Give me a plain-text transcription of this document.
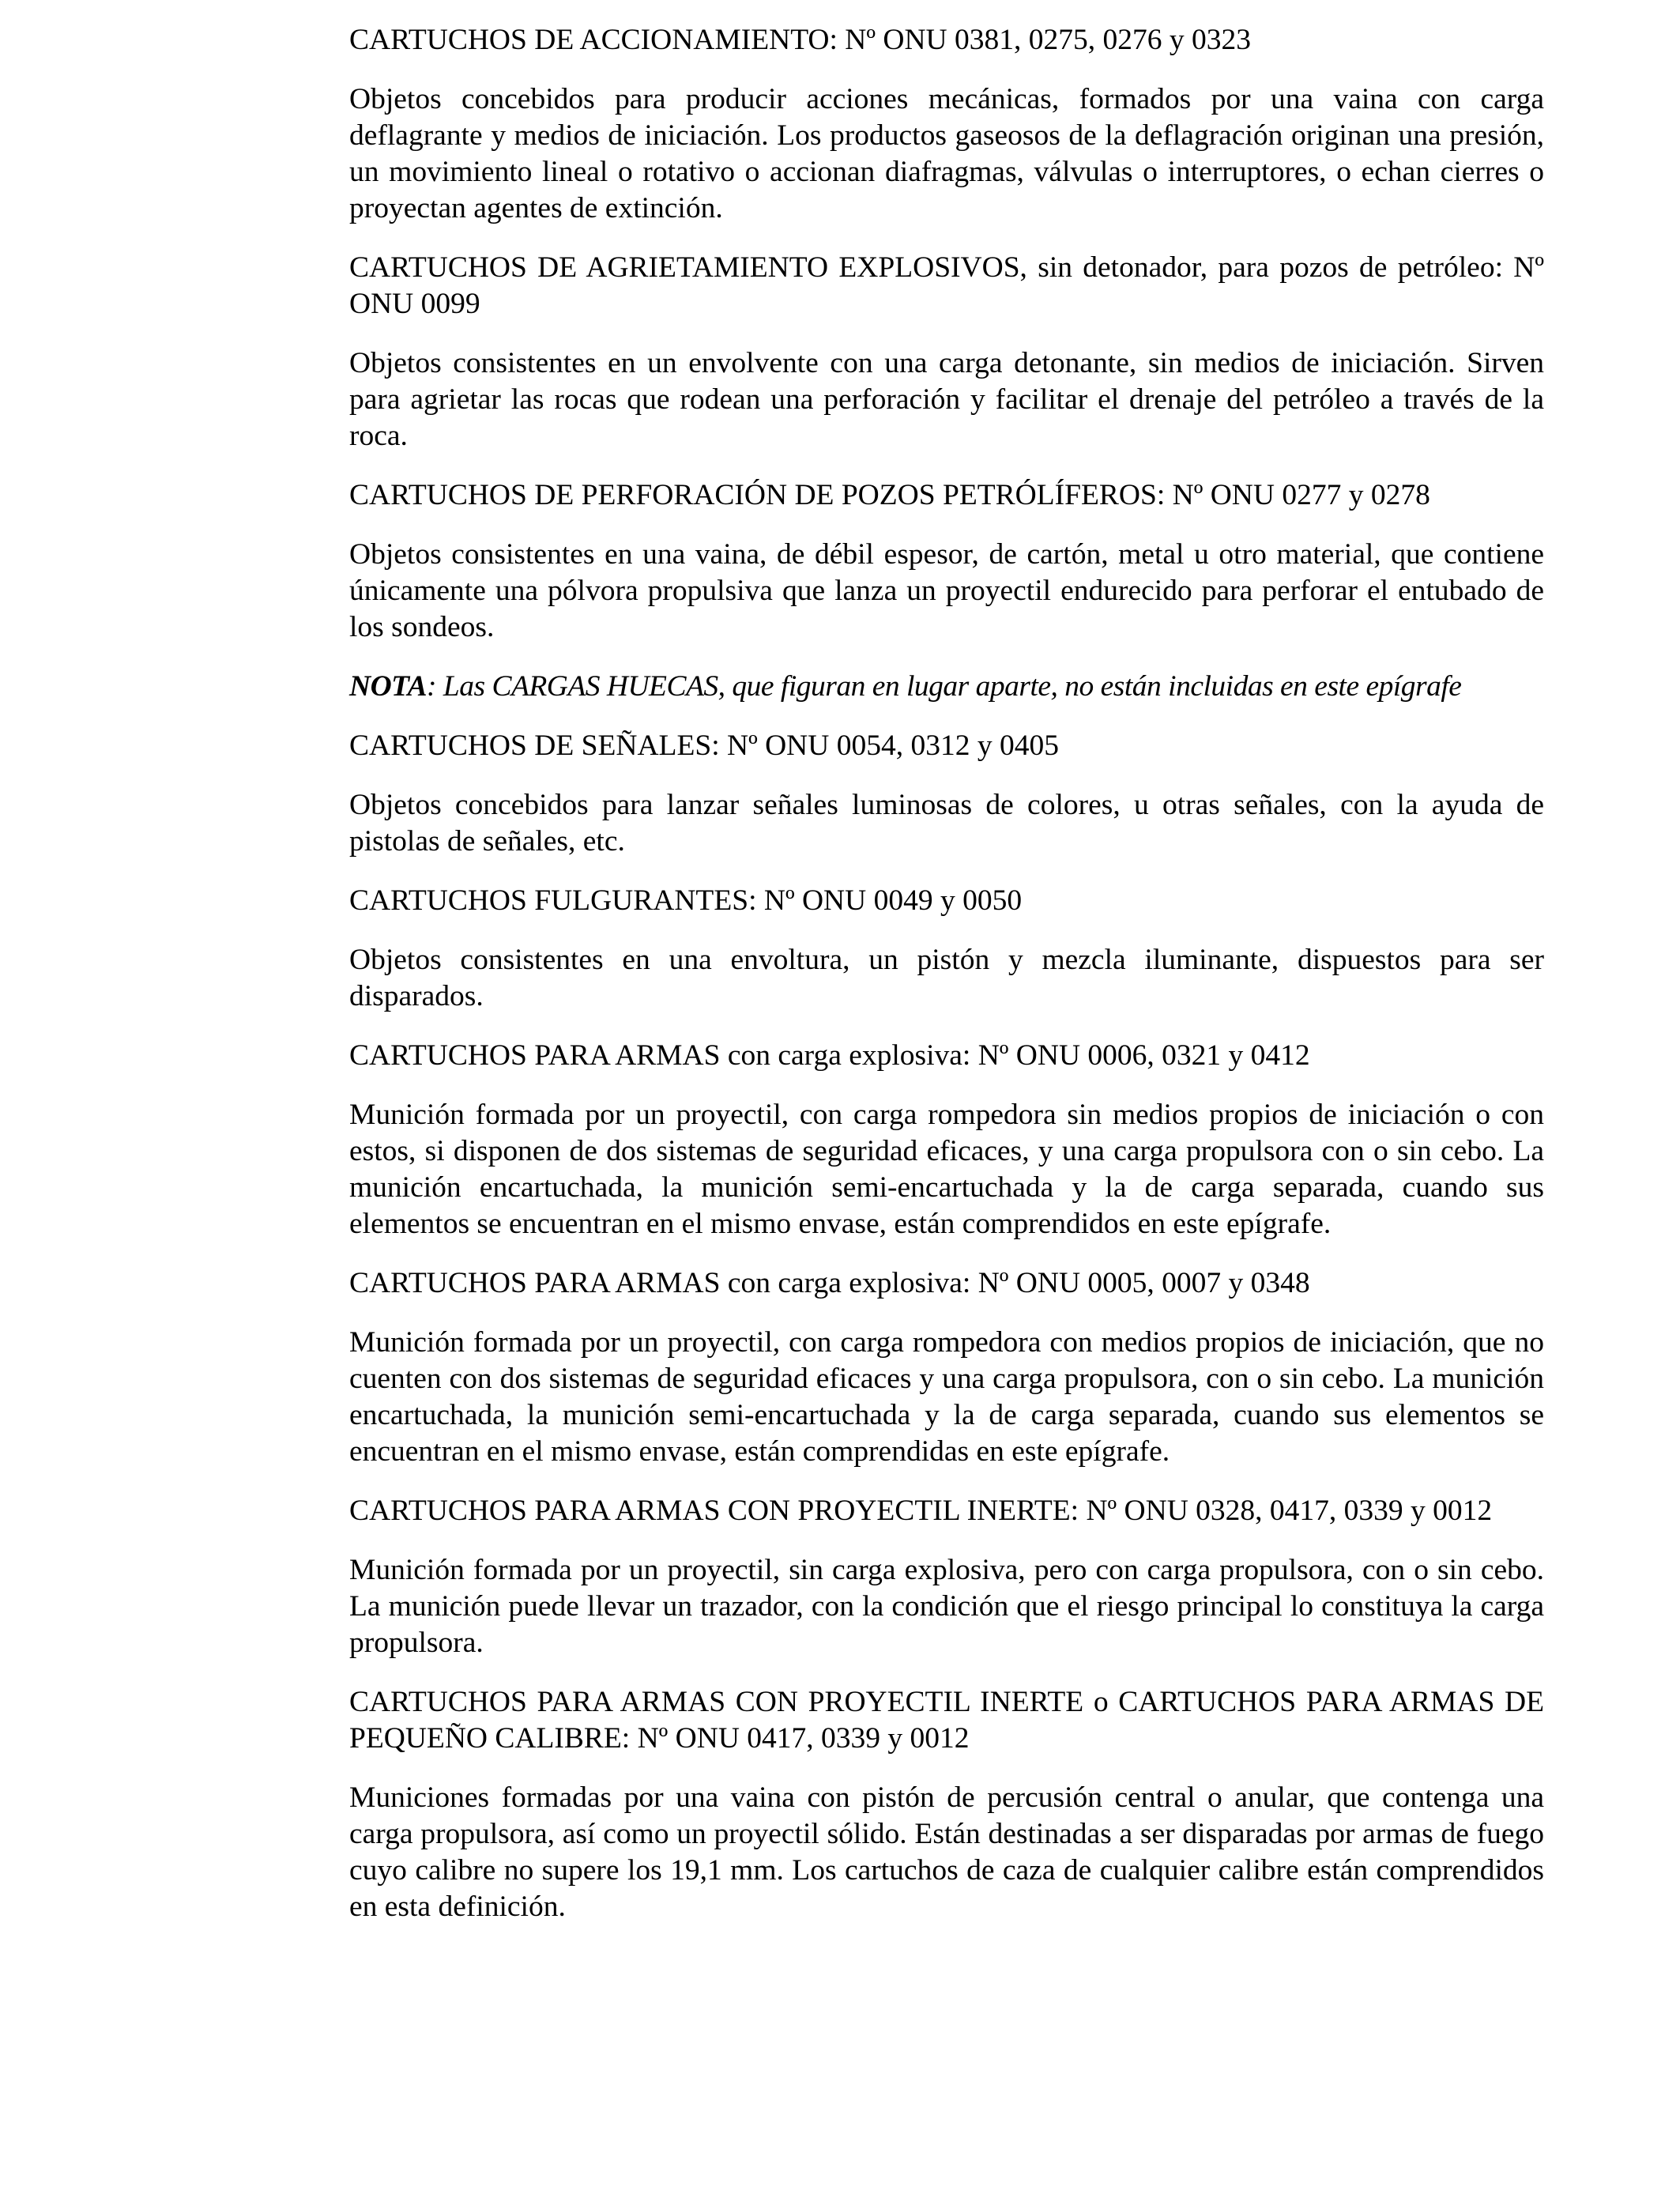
CARTUCHOS DE ACCIONAMIENTO: Nº ONU 0381, 0275, 0276 y 0323

Objetos concebidos para producir acciones mecánicas, formados por una vaina con carga deflagrante y medios de iniciación. Los productos gaseosos de la deflagración originan una presión, un movimiento lineal o rotativo o accionan diafragmas, válvulas o interruptores, o echan cierres o proyectan agentes de extinción.

CARTUCHOS DE AGRIETAMIENTO EXPLOSIVOS, sin detonador, para pozos de petróleo: Nº ONU 0099

Objetos consistentes en un envolvente con una carga detonante, sin medios de iniciación. Sirven para agrietar las rocas que rodean una perforación y facilitar el drenaje del petróleo a través de la roca.

CARTUCHOS DE PERFORACIÓN DE POZOS PETRÓLÍFEROS: Nº ONU 0277 y 0278

Objetos consistentes en una vaina, de débil espesor, de cartón, metal u otro material, que contiene únicamente una pólvora propulsiva que lanza un proyectil endurecido para perforar el entubado de los sondeos.

NOTA: Las CARGAS HUECAS, que figuran en lugar aparte, no están incluidas en este epígrafe

CARTUCHOS DE SEÑALES: Nº ONU 0054, 0312 y 0405

Objetos concebidos para lanzar señales luminosas de colores, u otras señales, con la ayuda de pistolas de señales, etc.

CARTUCHOS FULGURANTES: Nº ONU 0049 y 0050

Objetos consistentes en una envoltura, un pistón y mezcla iluminante, dispuestos para ser disparados.

CARTUCHOS PARA ARMAS con carga explosiva: Nº ONU 0006, 0321 y 0412

Munición formada por un proyectil, con carga rompedora sin medios propios de iniciación o con estos, si disponen de dos sistemas de seguridad eficaces, y una carga propulsora con o sin cebo. La munición encartuchada, la munición semi-encartuchada y la de carga separada, cuando sus elementos se encuentran en el mismo envase, están comprendidos en este epígrafe.

CARTUCHOS PARA ARMAS con carga explosiva: Nº ONU 0005, 0007 y 0348

Munición formada por un proyectil, con carga rompedora con medios propios de iniciación, que no cuenten con dos sistemas de seguridad eficaces y una carga propulsora, con o sin cebo. La munición encartuchada, la munición semi-encartuchada y la de carga separada, cuando sus elementos se encuentran en el mismo envase, están comprendidas en este epígrafe.

CARTUCHOS PARA ARMAS CON PROYECTIL INERTE: Nº ONU 0328, 0417, 0339 y 0012

Munición formada por un proyectil, sin carga explosiva, pero con carga propulsora, con o sin cebo. La munición puede llevar un trazador, con la condición que el riesgo principal lo constituya la carga propulsora.

CARTUCHOS PARA ARMAS CON PROYECTIL INERTE o CARTUCHOS PARA ARMAS DE PEQUEÑO CALIBRE: Nº ONU 0417, 0339 y 0012

Municiones formadas por una vaina con pistón de percusión central o anular, que contenga una carga propulsora, así como un proyectil sólido. Están destinadas a ser disparadas por armas de fuego cuyo calibre no supere los 19,1 mm. Los cartuchos de caza de cualquier calibre están comprendidos en esta definición.
